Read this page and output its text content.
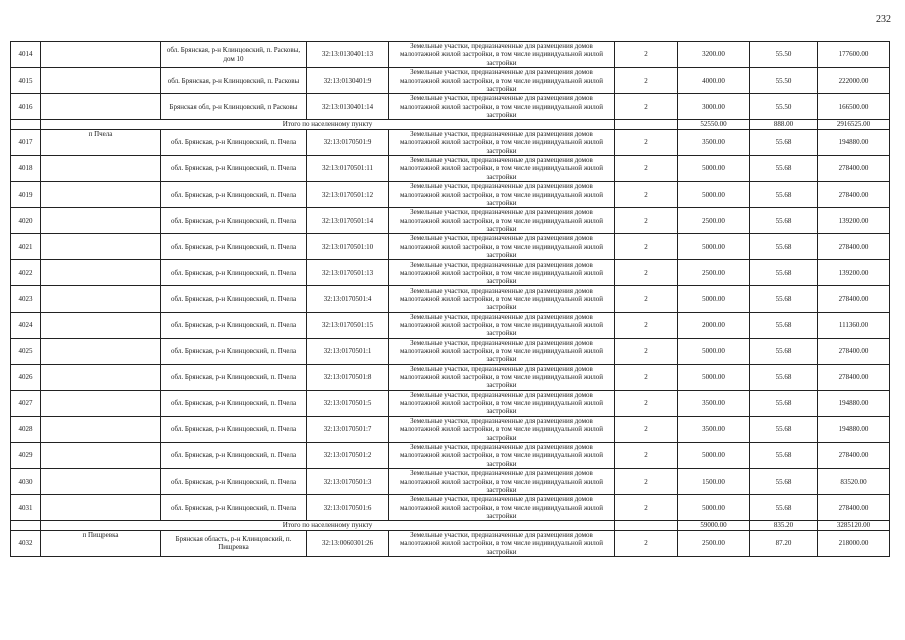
232
4014		обл. Брянская, р-н Клинцовский, п. Расковы, дом 10	32:13:0130401:13	Земельные участки, предназначенные для размещения домов малоэтажной жилой застройки, в том числе индивидуальной жилой застройки	2	3200.00	55.50	177600.00
4015		обл. Брянская, р-н Клинцовский, п. Расковы	32:13:0130401:9	Земельные участки, предназначенные для размещения домов малоэтажной жилой застройки, в том числе индивидуальной жилой застройки	2	4000.00	55.50	222000.00
4016		Брянская обл, р-н Клинцовский, п Расковы	32:13:0130401:14	Земельные участки, предназначенные для размещения домов малоэтажной жилой застройки, в том числе индивидуальной жилой застройки	2	3000.00	55.50	166500.00
	Итого по населенному пункту					52550.00	888.00	2916525.00
4017	п Пчела	обл. Брянская, р-н Клинцовский, п. Пчела	32:13:0170501:9	Земельные участки, предназначенные для размещения домов малоэтажной жилой застройки, в том числе индивидуальной жилой застройки	2	3500.00	55.68	194880.00
4018		обл. Брянская, р-н Клинцовский, п. Пчела	32:13:0170501:11	Земельные участки, предназначенные для размещения домов малоэтажной жилой застройки, в том числе индивидуальной жилой застройки	2	5000.00	55.68	278400.00
4019		обл. Брянская, р-н Клинцовский, п. Пчела	32:13:0170501:12	Земельные участки, предназначенные для размещения домов малоэтажной жилой застройки, в том числе индивидуальной жилой застройки	2	5000.00	55.68	278400.00
4020		обл. Брянская, р-н Клинцовский, п. Пчела	32:13:0170501:14	Земельные участки, предназначенные для размещения домов малоэтажной жилой застройки, в том числе индивидуальной жилой застройки	2	2500.00	55.68	139200.00
4021		обл. Брянская, р-н Клинцовский, п. Пчела	32:13:0170501:10	Земельные участки, предназначенные для размещения домов малоэтажной жилой застройки, в том числе индивидуальной жилой застройки	2	5000.00	55.68	278400.00
4022		обл. Брянская, р-н Клинцовский, п. Пчела	32:13:0170501:13	Земельные участки, предназначенные для размещения домов малоэтажной жилой застройки, в том числе индивидуальной жилой застройки	2	2500.00	55.68	139200.00
4023		обл. Брянская, р-н Клинцовский, п. Пчела	32:13:0170501:4	Земельные участки, предназначенные для размещения домов малоэтажной жилой застройки, в том числе индивидуальной жилой застройки	2	5000.00	55.68	278400.00
4024		обл. Брянская, р-н Клинцовский, п. Пчела	32:13:0170501:15	Земельные участки, предназначенные для размещения домов малоэтажной жилой застройки, в том числе индивидуальной жилой застройки	2	2000.00	55.68	111360.00
4025		обл. Брянская, р-н Клинцовский, п. Пчела	32:13:0170501:1	Земельные участки, предназначенные для размещения домов малоэтажной жилой застройки, в том числе индивидуальной жилой застройки	2	5000.00	55.68	278400.00
4026		обл. Брянская, р-н Клинцовский, п. Пчела	32:13:0170501:8	Земельные участки, предназначенные для размещения домов малоэтажной жилой застройки, в том числе индивидуальной жилой застройки	2	5000.00	55.68	278400.00
4027		обл. Брянская, р-н Клинцовский, п. Пчела	32:13:0170501:5	Земельные участки, предназначенные для размещения домов малоэтажной жилой застройки, в том числе индивидуальной жилой застройки	2	3500.00	55.68	194880.00
4028		обл. Брянская, р-н Клинцовский, п. Пчела	32:13:0170501:7	Земельные участки, предназначенные для размещения домов малоэтажной жилой застройки, в том числе индивидуальной жилой застройки	2	3500.00	55.68	194880.00
4029		обл. Брянская, р-н Клинцовский, п. Пчела	32:13:0170501:2	Земельные участки, предназначенные для размещения домов малоэтажной жилой застройки, в том числе индивидуальной жилой застройки	2	5000.00	55.68	278400.00
4030		обл. Брянская, р-н Клинцовский, п. Пчела	32:13:0170501:3	Земельные участки, предназначенные для размещения домов малоэтажной жилой застройки, в том числе индивидуальной жилой застройки	2	1500.00	55.68	83520.00
4031		обл. Брянская, р-н Клинцовский, п. Пчела	32:13:0170501:6	Земельные участки, предназначенные для размещения домов малоэтажной жилой застройки, в том числе индивидуальной жилой застройки	2	5000.00	55.68	278400.00
	Итого по населенному пункту					59000.00	835.20	3285120.00
4032	п Пищревка	Брянская область, р-н Клинцовский, п. Пищревка	32:13:0060301:26	Земельные участки, предназначенные для размещения домов малоэтажной жилой застройки, в том числе индивидуальной жилой застройки	2	2500.00	87.20	218000.00
